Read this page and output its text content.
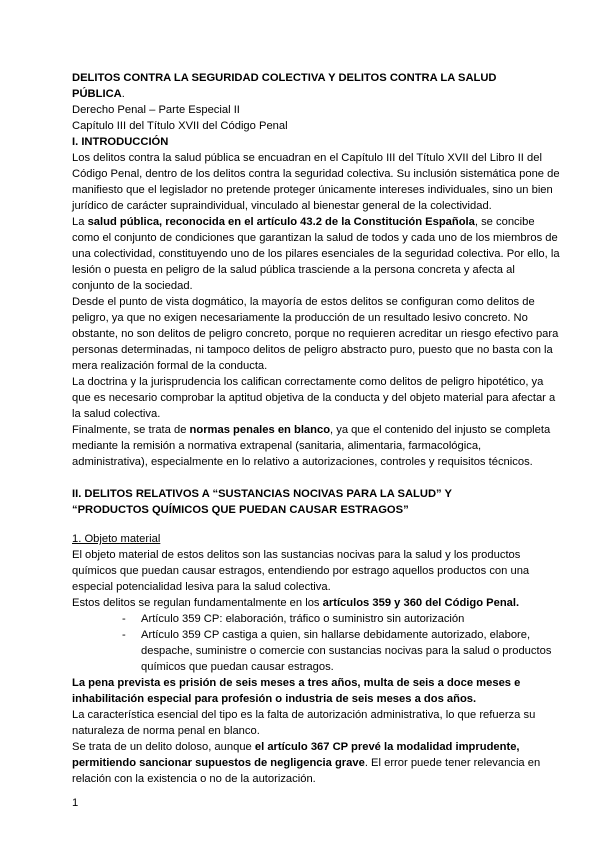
DELITOS CONTRA LA SEGURIDAD COLECTIVA Y DELITOS CONTRA LA SALUD
PÚBLICA.

Derecho Penal – Parte Especial II

Capítulo III del Título XVII del Código Penal

I. INTRODUCCIÓN

Los delitos contra la salud pública se encuadran en el Capítulo III del Título XVII del Libro II del Código Penal, dentro de los delitos contra la seguridad colectiva. Su inclusión sistemática pone de manifiesto que el legislador no pretende proteger únicamente intereses individuales, sino un bien jurídico de carácter supraindividual, vinculado al bienestar general de la colectividad.

La salud pública, reconocida en el artículo 43.2 de la Constitución Española, se concibe como el conjunto de condiciones que garantizan la salud de todos y cada uno de los miembros de una colectividad, constituyendo uno de los pilares esenciales de la seguridad colectiva. Por ello, la lesión o puesta en peligro de la salud pública trasciende a la persona concreta y afecta al conjunto de la sociedad.

Desde el punto de vista dogmático, la mayoría de estos delitos se configuran como delitos de peligro, ya que no exigen necesariamente la producción de un resultado lesivo concreto. No obstante, no son delitos de peligro concreto, porque no requieren acreditar un riesgo efectivo para personas determinadas, ni tampoco delitos de peligro abstracto puro, puesto que no basta con la mera realización formal de la conducta.

La doctrina y la jurisprudencia los califican correctamente como delitos de peligro hipotético, ya que es necesario comprobar la aptitud objetiva de la conducta y del objeto material para afectar a la salud colectiva.

Finalmente, se trata de normas penales en blanco, ya que el contenido del injusto se completa mediante la remisión a normativa extrapenal (sanitaria, alimentaria, farmacológica, administrativa), especialmente en lo relativo a autorizaciones, controles y requisitos técnicos.

II. DELITOS RELATIVOS A “SUSTANCIAS NOCIVAS PARA LA SALUD” Y
“PRODUCTOS QUÍMICOS QUE PUEDAN CAUSAR ESTRAGOS”

1. Objeto material

El objeto material de estos delitos son las sustancias nocivas para la salud y los productos químicos que puedan causar estragos, entendiendo por estrago aquellos productos con una especial potencialidad lesiva para la salud colectiva.

Estos delitos se regulan fundamentalmente en los artículos 359 y 360 del Código Penal.

- Artículo 359 CP: elaboración, tráfico o suministro sin autorización
- Artículo 359 CP castiga a quien, sin hallarse debidamente autorizado, elabore, despache, suministre o comercie con sustancias nocivas para la salud o productos químicos que puedan causar estragos.

La pena prevista es prisión de seis meses a tres años, multa de seis a doce meses e inhabilitación especial para profesión o industria de seis meses a dos años.

La característica esencial del tipo es la falta de autorización administrativa, lo que refuerza su naturaleza de norma penal en blanco.

Se trata de un delito doloso, aunque el artículo 367 CP prevé la modalidad imprudente, permitiendo sancionar supuestos de negligencia grave. El error puede tener relevancia en relación con la existencia o no de la autorización.

1
